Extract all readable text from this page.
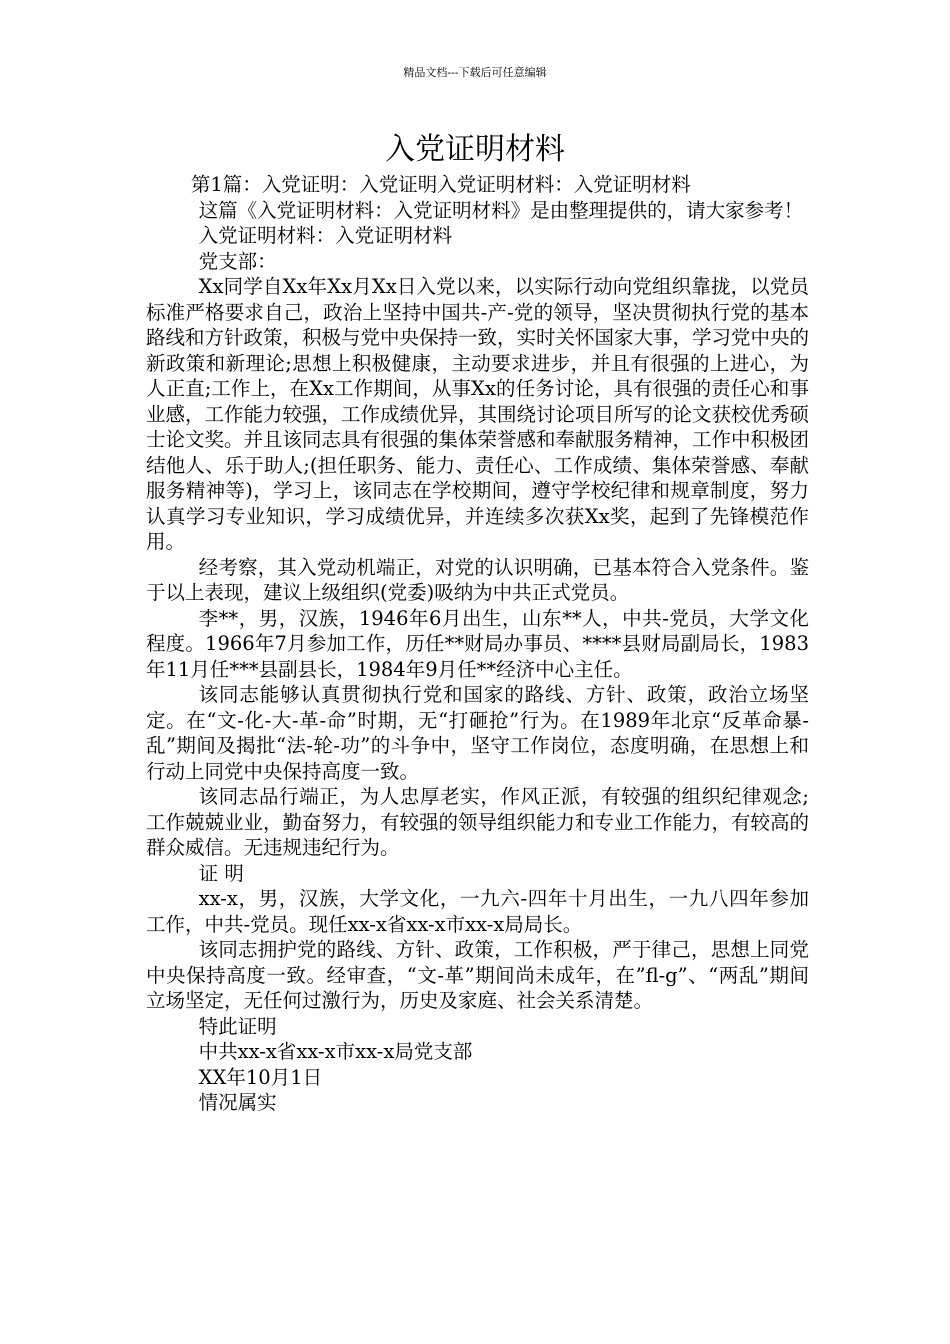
精品文档---下载后可任意编辑
入党证明材料

第1篇：入党证明：入党证明入党证明材料：入党证明材料

这篇《入党证明材料：入党证明材料》是由整理提供的，请大家参考！

入党证明材料：入党证明材料

党支部：

Xx同学自Xx年Xx月Xx日入党以来，以实际行动向党组织靠拢，以党员标准严格要求自己，政治上坚持中国共-产-党的领导，坚决贯彻执行党的基本路线和方针政策，积极与党中央保持一致，实时关怀国家大事，学习党中央的新政策和新理论;思想上积极健康，主动要求进步，并且有很强的上进心，为人正直;工作上，在Xx工作期间，从事Xx的任务讨论，具有很强的责任心和事业感，工作能力较强，工作成绩优异，其围绕讨论项目所写的论文获校优秀硕士论文奖。并且该同志具有很强的集体荣誉感和奉献服务精神，工作中积极团结他人、乐于助人;(担任职务、能力、责任心、工作成绩、集体荣誉感、奉献服务精神等)，学习上，该同志在学校期间，遵守学校纪律和规章制度，努力认真学习专业知识，学习成绩优异，并连续多次获Xx奖，起到了先锋模范作用。

经考察，其入党动机端正，对党的认识明确，已基本符合入党条件。鉴于以上表现，建议上级组织(党委)吸纳为中共正式党员。

李**，男，汉族，1946年6月出生，山东**人，中共-党员，大学文化程度。1966年7月参加工作，历任**财局办事员、****县财局副局长，1983年11月任***县副县长，1984年9月任**经济中心主任。

该同志能够认真贯彻执行党和国家的路线、方针、政策，政治立场坚定。在“文-化-大-革-命”时期，无“打砸抢”行为。在1989年北京“反革命暴-乱”期间及揭批“法-轮-功”的斗争中，坚守工作岗位，态度明确，在思想上和行动上同党中央保持高度一致。

该同志品行端正，为人忠厚老实，作风正派，有较强的组织纪律观念;工作兢兢业业，勤奋努力，有较强的领导组织能力和专业工作能力，有较高的群众威信。无违规违纪行为。

证 明

xx-x，男，汉族，大学文化，一九六-四年十月出生，一九八四年参加工作，中共-党员。现任xx-x省xx-x市xx-x局局长。

该同志拥护党的路线、方针、政策，工作积极，严于律己，思想上同党中央保持高度一致。经审查，“文-革”期间尚未成年，在”fl-g”、“两乱”期间立场坚定，无任何过激行为，历史及家庭、社会关系清楚。

特此证明

中共xx-x省xx-x市xx-x局党支部

XX年10月1日

情况属实
